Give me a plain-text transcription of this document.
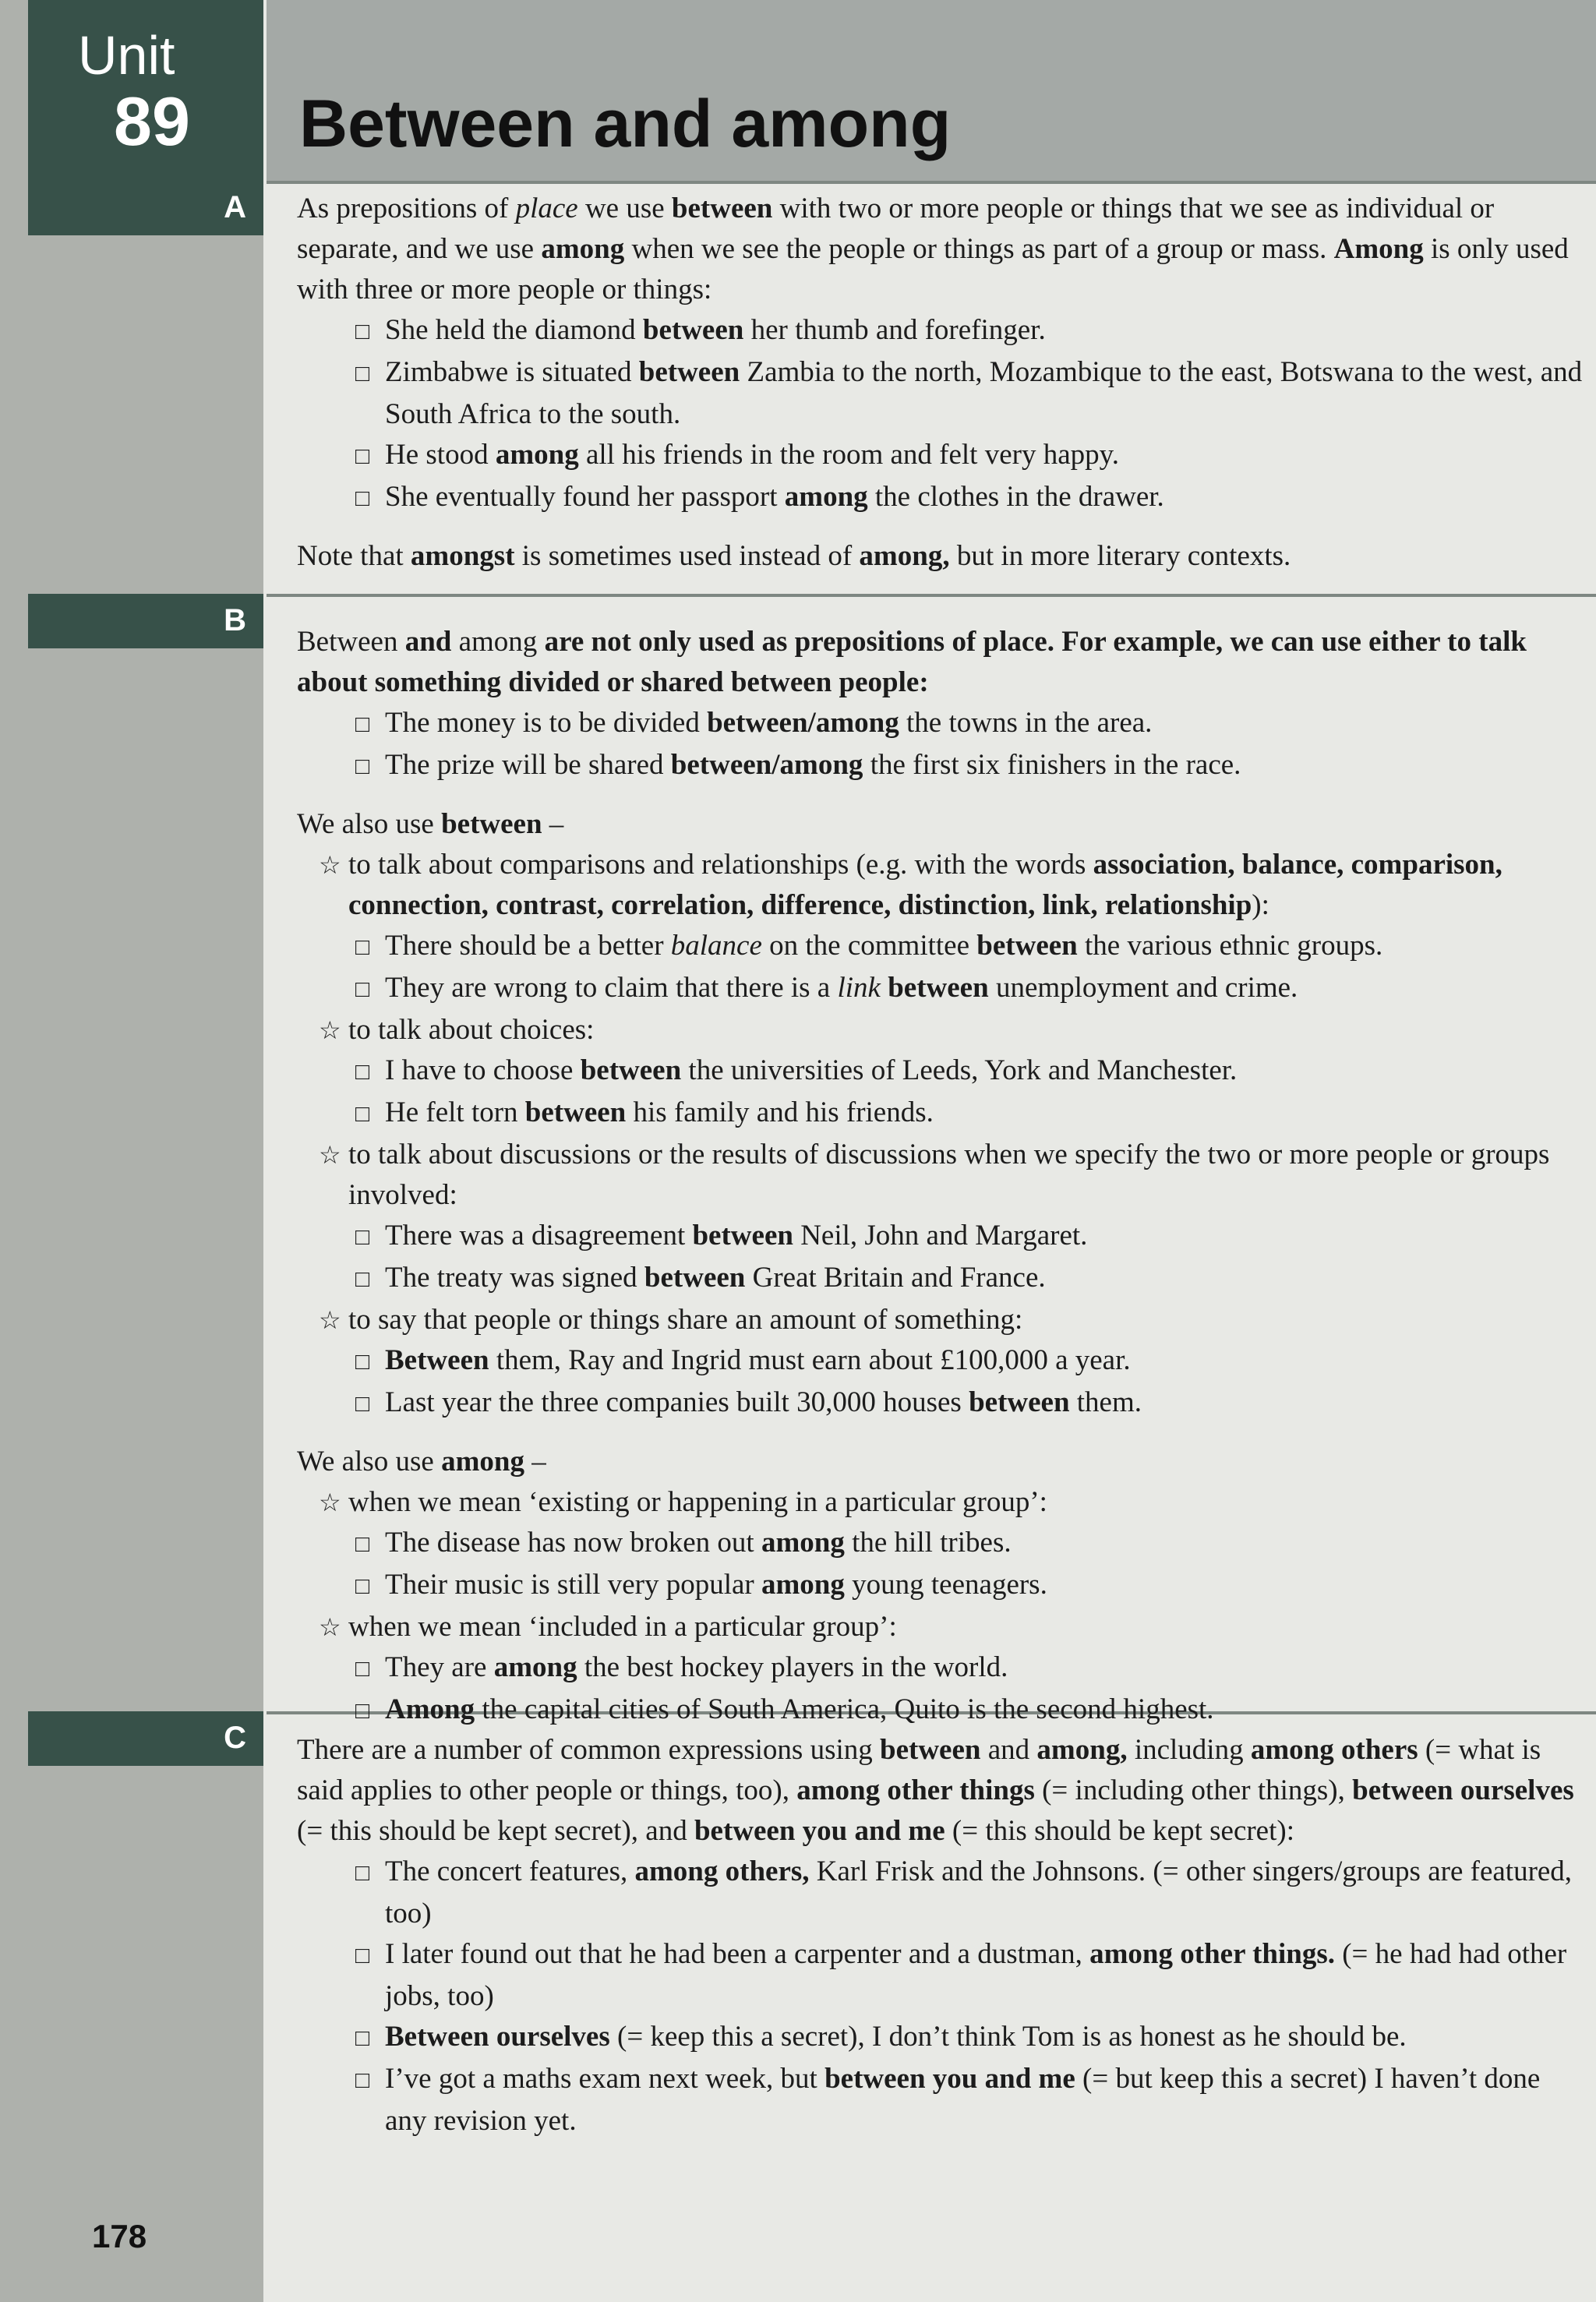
Unit
89 Between and among
A
B
C

As prepositions of place we use between with two or more people or things that we see as individual or separate, and we use among when we see the people or things as part of a group or mass. Among is only used with three or more people or things:

□ She held the diamond between her thumb and forefinger.

□ Zimbabwe is situated between Zambia to the north, Mozambique to the east, Botswana to the west, and South Africa to the south.

□ He stood among all his friends in the room and felt very happy.

□ She eventually found her passport among the clothes in the drawer.

Note that amongst is sometimes used instead of among, but in more literary contexts.

Between and among are not only used as prepositions of place. For example, we can use either to talk about something divided or shared between people:

□ The money is to be divided between/among the towns in the area.

□ The prize will be shared between/among the first six finishers in the race.

We also use between –

☆ to talk about comparisons and relationships (e.g. with the words association, balance, comparison, connection, contrast, correlation, difference, distinction, link, relationship):

□ There should be a better balance on the committee between the various ethnic groups.

□ They are wrong to claim that there is a link between unemployment and crime.

☆ to talk about choices:

□ I have to choose between the universities of Leeds, York and Manchester.

□ He felt torn between his family and his friends.

☆ to talk about discussions or the results of discussions when we specify the two or more people or groups involved:

□ There was a disagreement between Neil, John and Margaret.

□ The treaty was signed between Great Britain and France.

☆ to say that people or things share an amount of something:

□ Between them, Ray and Ingrid must earn about £100,000 a year.

□ Last year the three companies built 30,000 houses between them.

We also use among –

☆ when we mean ‘existing or happening in a particular group’:

□ The disease has now broken out among the hill tribes.

□ Their music is still very popular among young teenagers.

☆ when we mean ‘included in a particular group’:

□ They are among the best hockey players in the world.

□ Among the capital cities of South America, Quito is the second highest.

There are a number of common expressions using between and among, including among others (= what is said applies to other people or things, too), among other things (= including other things), between ourselves (= this should be kept secret), and between you and me (= this should be kept secret):

□ The concert features, among others, Karl Frisk and the Johnsons. (= other singers/groups are featured, too)

□ I later found out that he had been a carpenter and a dustman, among other things. (= he had had other jobs, too)

□ Between ourselves (= keep this a secret), I don’t think Tom is as honest as he should be.

□ I’ve got a maths exam next week, but between you and me (= but keep this a secret) I haven’t done any revision yet.

178
